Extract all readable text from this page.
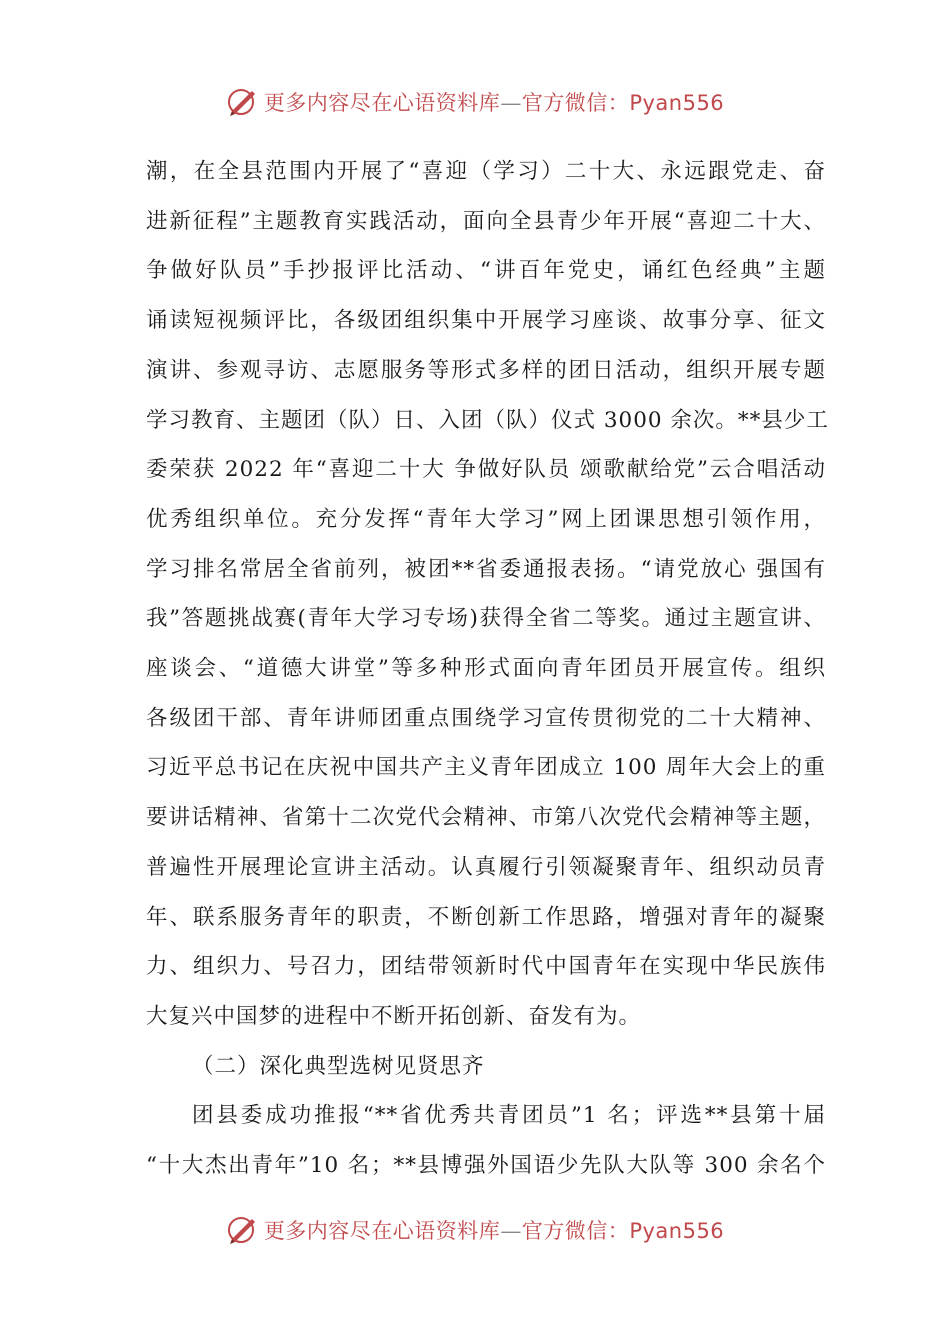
更多内容尽在心语资料库—官方微信：Pyan556

潮，在全县范围内开展了“喜迎（学习）二十大、永远跟党走、奋
进新征程”主题教育实践活动，面向全县青少年开展“喜迎二十大、
争做好队员”手抄报评比活动、“讲百年党史，诵红色经典”主题
诵读短视频评比，各级团组织集中开展学习座谈、故事分享、征文
演讲、参观寻访、志愿服务等形式多样的团日活动，组织开展专题
学习教育、主题团（队）日、入团（队）仪式 3000 余次。**县少工
委荣获 2022 年“喜迎二十大 争做好队员 颂歌献给党”云合唱活动
优秀组织单位。充分发挥“青年大学习”网上团课思想引领作用，
学习排名常居全省前列，被团**省委通报表扬。“请党放心 强国有
我”答题挑战赛(青年大学习专场)获得全省二等奖。通过主题宣讲、
座谈会、“道德大讲堂”等多种形式面向青年团员开展宣传。组织
各级团干部、青年讲师团重点围绕学习宣传贯彻党的二十大精神、
习近平总书记在庆祝中国共产主义青年团成立 100 周年大会上的重
要讲话精神、省第十二次党代会精神、市第八次党代会精神等主题，
普遍性开展理论宣讲主活动。认真履行引领凝聚青年、组织动员青
年、联系服务青年的职责，不断创新工作思路，增强对青年的凝聚
力、组织力、号召力，团结带领新时代中国青年在实现中华民族伟
大复兴中国梦的进程中不断开拓创新、奋发有为。

（二）深化典型选树见贤思齐

团县委成功推报“**省优秀共青团员”1 名；评选**县第十届
“十大杰出青年”10 名；**县博强外国语少先队大队等 300 余名个

更多内容尽在心语资料库—官方微信：Pyan556
